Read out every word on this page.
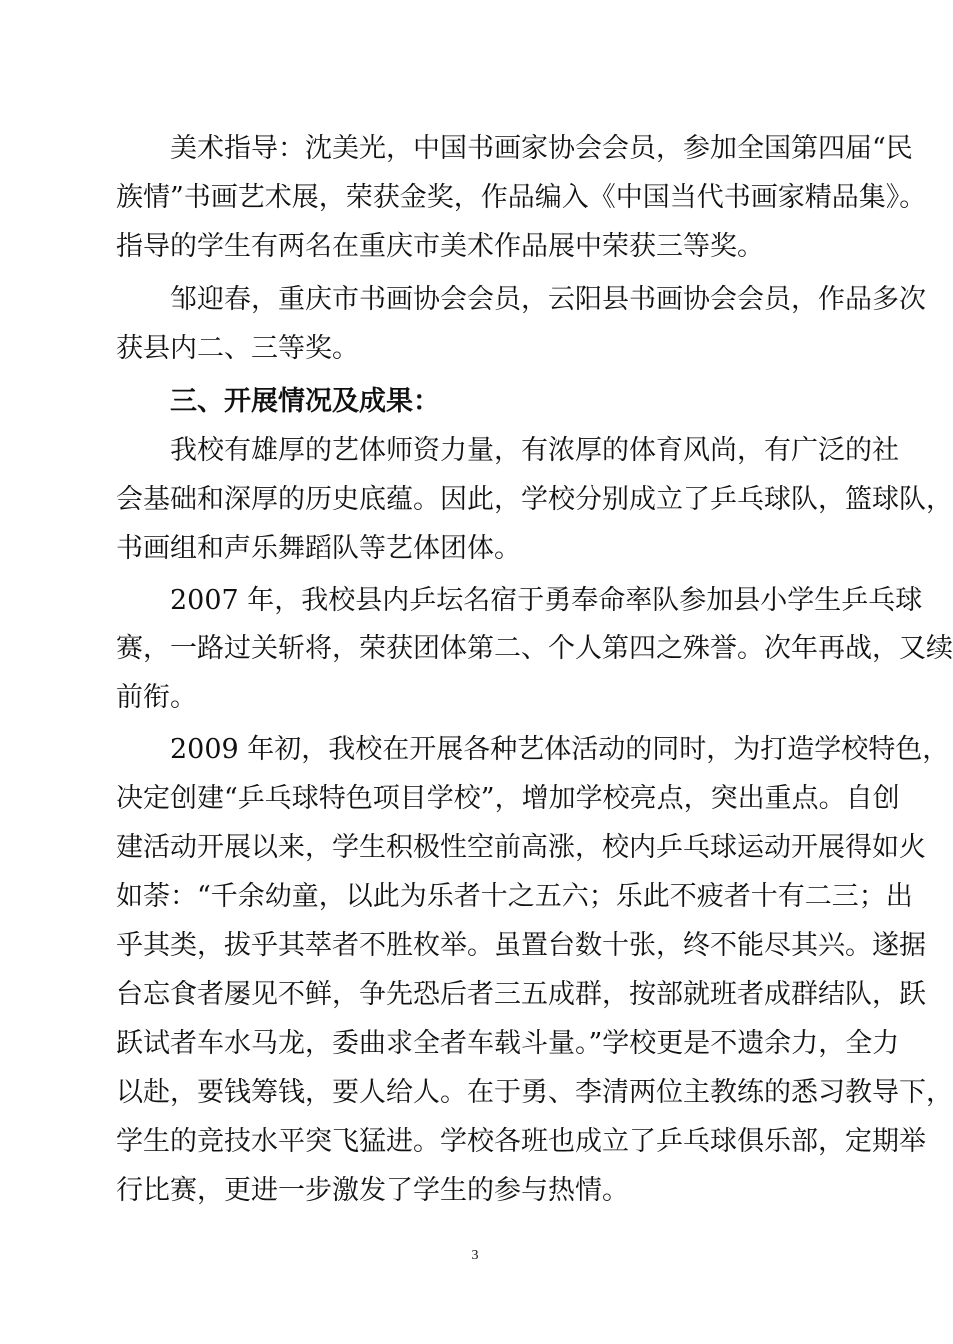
美术指导：沈美光，中国书画家协会会员，参加全国第四届“民
族情”书画艺术展，荣获金奖，作品编入《中国当代书画家精品集》。
指导的学生有两名在重庆市美术作品展中荣获三等奖。
邹迎春，重庆市书画协会会员，云阳县书画协会会员，作品多次
获县内二、三等奖。
三、开展情况及成果：
我校有雄厚的艺体师资力量，有浓厚的体育风尚，有广泛的社
会基础和深厚的历史底蕴。因此，学校分别成立了乒乓球队，篮球队，
书画组和声乐舞蹈队等艺体团体。
2007 年，我校县内乒坛名宿于勇奉命率队参加县小学生乒乓球
赛，一路过关斩将，荣获团体第二、个人第四之殊誉。次年再战，又续
前衔。
2009 年初，我校在开展各种艺体活动的同时，为打造学校特色，
决定创建“乒乓球特色项目学校”，增加学校亮点，突出重点。自创
建活动开展以来，学生积极性空前高涨，校内乒乓球运动开展得如火
如荼：“千余幼童，以此为乐者十之五六；乐此不疲者十有二三；出
乎其类，拔乎其萃者不胜枚举。虽置台数十张，终不能尽其兴。遂据
台忘食者屡见不鲜，争先恐后者三五成群，按部就班者成群结队，跃
跃试者车水马龙，委曲求全者车载斗量。”学校更是不遗余力，全力
以赴，要钱筹钱，要人给人。在于勇、李清两位主教练的悉习教导下，
学生的竞技水平突飞猛进。学校各班也成立了乒乓球俱乐部，定期举
行比赛，更进一步激发了学生的参与热情。
3
